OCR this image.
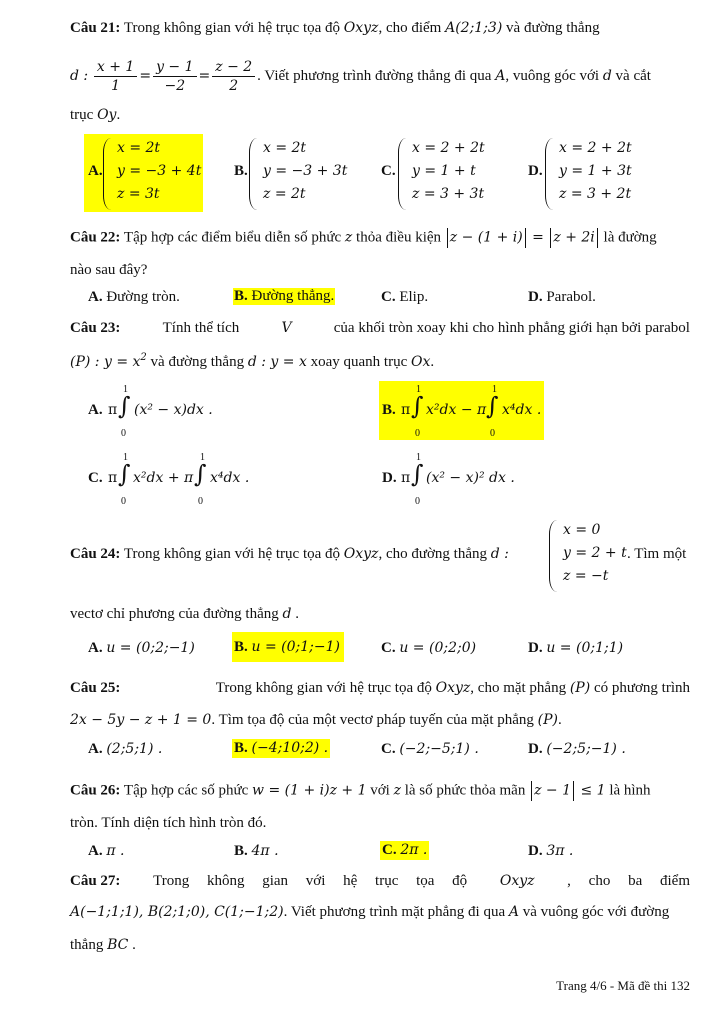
Câu 21: Trong không gian với hệ trục tọa độ Oxyz, cho điểm A(2;1;3) và đường thẳng
d : $\frac{x + 1}{1} = \frac{y - 1}{-2} = \frac{z - 2}{2}$ . Viết phương trình đường thẳng đi qua A, vuông góc với d và cắt
trục Oy.
A.
x = 2t
y = −3 + 4t
z = 3t
B.
x = 2t
y = −3 + 3t
z = 2t
C.
x = 2 + 2t
y = 1 + t
z = 3 + 3t
D.
x = 2 + 2t
y = 1 + 3t
z = 3 + 2t
Câu 22: Tập hợp các điểm biểu diễn số phức z thỏa điều kiện z − (1 + i) = z + 2i là đường
nào sau đây?
A. Đường tròn.	B. Đường thẳng.	C. Elip.	D. Parabol.
Câu 23:	Tính thể tích	V	của khối tròn xoay khi cho hình phẳng giới hạn bởi parabol
(P) : $y = x^2$ và đường thẳng d : y = x xoay quanh trục Ox.
A. π ∫
1
0
(x² − x)dx .	B. π ∫
1
0
x²dx − π ∫
1
0
x⁴dx .
C. π ∫
1
0
x²dx + π ∫
1
0
x⁴dx .	D. π ∫
1
0
(x² − x)² dx .
Câu 24: Trong không gian với hệ trục tọa độ Oxyz, cho đường thẳng d :
x = 0
y = 2 + t
z = −t
. Tìm một
vectơ chỉ phương của đường thẳng d .
A. u = (0;2;−1)	B. u = (0;1;−1)	C. u = (0;2;0)	D. u = (0;1;1)
Câu 25:	Trong không gian với hệ trục tọa độ Oxyz, cho mặt phẳng (P) có phương trình
2x − 5y − z + 1 = 0. Tìm tọa độ của một vectơ pháp tuyến của mặt phẳng (P).
A. (2;5;1) .	B. (−4;10;2) .	C. (−2;−5;1) .	D. (−2;5;−1) .
Câu 26: Tập hợp các số phức w = (1 + i)z + 1 với z là số phức thỏa mãn z − 1 ≤ 1 là hình
tròn. Tính diện tích hình tròn đó.
A. π .	B. 4π .	C. 2π .	D. 3π .
Câu 27: Trong không gian với hệ trục tọa độ Oxyz , cho ba điểm
A(−1;1;1), B(2;1;0), C(1;−1;2). Viết phương trình mặt phẳng đi qua A và vuông góc với đường
thẳng BC .
Trang 4/6 - Mã đề thi 132
